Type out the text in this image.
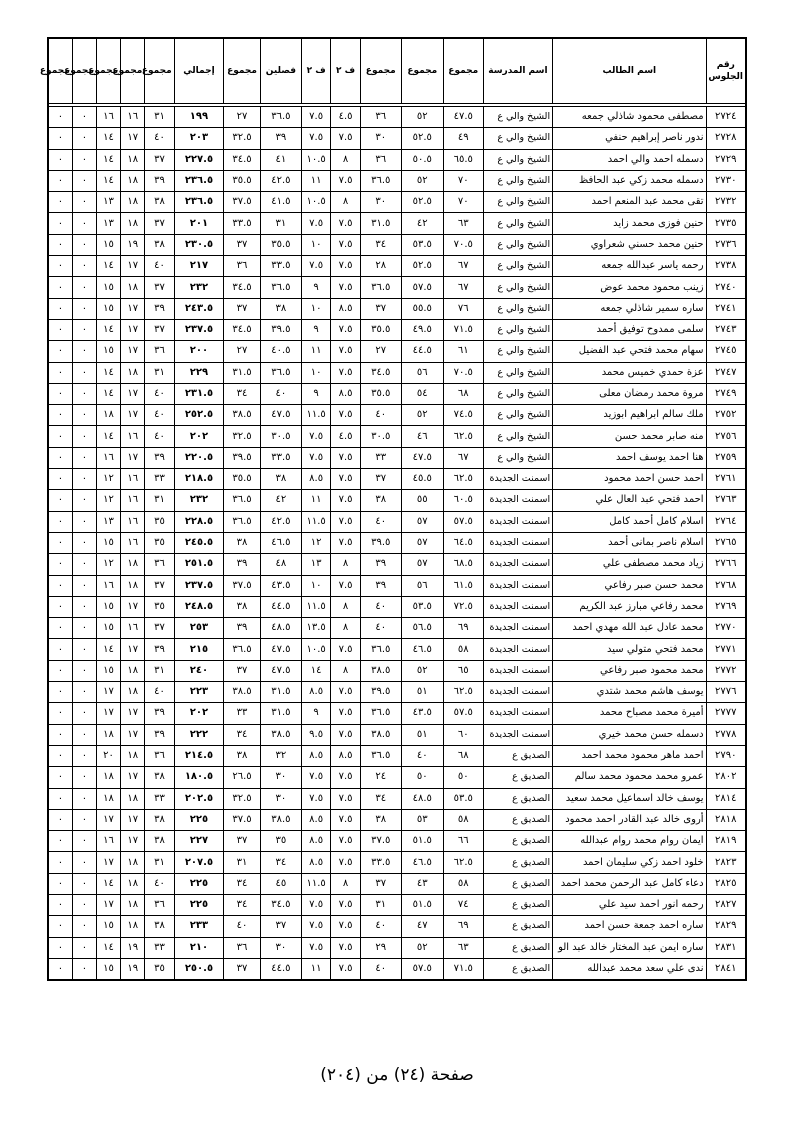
رقم الجلوس	اسم الطالب	اسم المدرسة	مجموع	مجموع	مجموع	ف ٢	ف ٢	فصلين	مجموع	إجمالي	مجموع	مجموع	مجموع	مجموع	مجموع

٢٧٢٤	مصطفى محمود شاذلي جمعه	الشيخ والي ع	٤٧.٥	٥٢	٣٦	٤.٥	٧.٥	٣٦.٥	٢٧	١٩٩	٣١	١٦	١٦	٠	٠
٢٧٢٨	ندور ناصر إبراهيم حنفي	الشيخ والي ع	٤٩	٥٢.٥	٣٠	٧.٥	٧.٥	٣٩	٣٢.٥	٢٠٣	٤٠	١٧	١٤	٠	٠
٢٧٢٩	دسمله احمد والي احمد	الشيخ والي ع	٦٥.٥	٥٠.٥	٣٦	٨	١٠.٥	٤١	٣٤.٥	٢٢٧.٥	٣٧	١٨	١٤	٠	٠
٢٧٣٠	دسمله محمد زكي عبد الحافظ	الشيخ والي ع	٧٠	٥٢	٣٦.٥	٧.٥	١١	٤٢.٥	٣٥.٥	٢٣٦.٥	٣٩	١٨	١٤	٠	٠
٢٧٣٢	تقى محمد عبد المنعم احمد	الشيخ والي ع	٧٠	٥٢.٥	٣٠	٨	١٠.٥	٤١.٥	٣٧.٥	٢٣٦.٥	٣٨	١٨	١٣	٠	٠
٢٧٣٥	حنين فوزى محمد زايد	الشيخ والي ع	٦٣	٤٢	٣١.٥	٧.٥	٧.٥	٣١	٣٣.٥	٢٠١	٣٧	١٨	١٣	٠	٠
٢٧٣٦	حنين محمد حسني شعراوي	الشيخ والي ع	٧٠.٥	٥٣.٥	٣٤	٧.٥	١٠	٣٥.٥	٣٧	٢٣٠.٥	٣٨	١٩	١٥	٠	٠
٢٧٣٨	رحمه ياسر عبدالله جمعه	الشيخ والي ع	٦٧	٥٢.٥	٢٨	٧.٥	٧.٥	٣٣.٥	٣٦	٢١٧	٤٠	١٧	١٤	٠	٠
٢٧٤٠	زينب محمود محمد عوض	الشيخ والي ع	٦٧	٥٧.٥	٣٦.٥	٧.٥	٩	٣٦.٥	٣٤.٥	٢٣٢	٣٧	١٨	١٥	٠	٠
٢٧٤١	ساره سمير شاذلي جمعه	الشيخ والي ع	٧٦	٥٥.٥	٣٧	٨.٥	١٠	٣٨	٣٧	٢٤٣.٥	٣٩	١٧	١٥	٠	٠
٢٧٤٣	سلمى ممدوح توفيق أحمد	الشيخ والي ع	٧١.٥	٤٩.٥	٣٥.٥	٧.٥	٩	٣٩.٥	٣٤.٥	٢٣٧.٥	٣٧	١٧	١٤	٠	٠
٢٧٤٥	سهام محمد فتحي عبد الفضيل	الشيخ والي ع	٦١	٤٤.٥	٢٧	٧.٥	١١	٤٠.٥	٢٧	٢٠٠	٣٦	١٧	١٥	٠	٠
٢٧٤٧	عزة حمدي خميس محمد	الشيخ والي ع	٧٠.٥	٥٦	٣٤.٥	٧.٥	١٠	٣٦.٥	٣١.٥	٢٢٩	٣١	١٨	١٤	٠	٠
٢٧٤٩	مروة محمد رمضان معلى	الشيخ والي ع	٦٨	٥٤	٣٥.٥	٨.٥	٩	٤٠	٣٤	٢٣١.٥	٤٠	١٧	١٤	٠	٠
٢٧٥٢	ملك سالم ابراهيم ابوزيد	الشيخ والي ع	٧٤.٥	٥٢	٤٠	٧.٥	١١.٥	٤٧.٥	٣٨.٥	٢٥٢.٥	٤٠	١٧	١٨	٠	٠
٢٧٥٦	منه صابر محمد حسن	الشيخ والي ع	٦٢.٥	٤٦	٣٠.٥	٤.٥	٧.٥	٣٠.٥	٣٢.٥	٢٠٢	٤٠	١٦	١٤	٠	٠
٢٧٥٩	هنا احمد يوسف احمد	الشيخ والي ع	٦٧	٤٧.٥	٣٣	٧.٥	٧.٥	٣٣.٥	٣٩.٥	٢٢٠.٥	٣٩	١٧	١٦	٠	٠
٢٧٦١	احمد حسن احمد محمود	اسمنت الجديدة	٦٢.٥	٤٥.٥	٣٧	٧.٥	٨.٥	٣٨	٣٥.٥	٢١٨.٥	٣٣	١٦	١٢	٠	٠
٢٧٦٣	احمد فتحي عبد العال علي	اسمنت الجديدة	٦٠.٥	٥٥	٣٨	٧.٥	١١	٤٢	٣٦.٥	٢٣٢	٣١	١٦	١٢	٠	٠
٢٧٦٤	اسلام كامل أحمد كامل	اسمنت الجديدة	٥٧.٥	٥٧	٤٠	٧.٥	١١.٥	٤٢.٥	٣٦.٥	٢٢٨.٥	٣٥	١٦	١٣	٠	٠
٢٧٦٥	اسلام ناصر بمانى أحمد	اسمنت الجديدة	٦٤.٥	٥٧	٣٩.٥	٧.٥	١٢	٤٦.٥	٣٨	٢٤٥.٥	٣٥	١٦	١٥	٠	٠
٢٧٦٦	زياد محمد مصطفى علي	اسمنت الجديدة	٦٨.٥	٥٧	٣٩	٨	١٣	٤٨	٣٩	٢٥١.٥	٣٦	١٨	١٢	٠	٠
٢٧٦٨	محمد حسن صبر رفاعي	اسمنت الجديدة	٦١.٥	٥٦	٣٩	٧.٥	١٠	٤٣.٥	٣٧.٥	٢٣٧.٥	٣٧	١٨	١٦	٠	٠
٢٧٦٩	محمد رفاعي مبارز عبد الكريم	اسمنت الجديدة	٧٢.٥	٥٣.٥	٤٠	٨	١١.٥	٤٤.٥	٣٨	٢٤٨.٥	٣٥	١٧	١٥	٠	٠
٢٧٧٠	محمد عادل عبد الله مهدي احمد	اسمنت الجديدة	٦٩	٥٦.٥	٤٠	٨	١٣.٥	٤٨.٥	٣٩	٢٥٣	٣٧	١٦	١٥	٠	٠
٢٧٧١	محمد فتحي متولي سيد	اسمنت الجديدة	٥٨	٤٦.٥	٣٦.٥	٧.٥	١٠.٥	٤٧.٥	٣٦.٥	٢١٥	٣٩	١٧	١٤	٠	٠
٢٧٧٢	محمد محمود صبر رفاعي	اسمنت الجديدة	٦٥	٥٢	٣٨.٥	٨	١٤	٤٧.٥	٣٧	٢٤٠	٣١	١٨	١٥	٠	٠
٢٧٧٦	يوسف هاشم محمد شتدي	اسمنت الجديدة	٦٢.٥	٥١	٣٩.٥	٧.٥	٨.٥	٣١.٥	٣٨.٥	٢٢٣	٤٠	١٨	١٧	٠	٠
٢٧٧٧	أميرة محمد مصباح محمد	اسمنت الجديدة	٥٧.٥	٤٣.٥	٣٦.٥	٧.٥	٩	٣١.٥	٣٣	٢٠٢	٣٩	١٧	١٧	٠	٠
٢٧٧٨	دسمله حسن محمد خيري	اسمنت الجديدة	٦٠	٥١	٣٨.٥	٧.٥	٩.٥	٣٨.٥	٣٤	٢٢٢	٣٩	١٧	١٨	٠	٠
٢٧٩٠	احمد ماهر محمود محمد احمد	الصديق ع	٦٨	٤٠	٣٦.٥	٨.٥	٨.٥	٣٢	٣٨	٢١٤.٥	٣٦	١٨	٢٠	٠	٠
٢٨٠٢	عمرو محمد محمود محمد سالم	الصديق ع	٥٠	٥٠	٢٤	٧.٥	٧.٥	٣٠	٢٦.٥	١٨٠.٥	٣٨	١٧	١٨	٠	٠
٢٨١٤	يوسف خالد اسماعيل محمد سعيد	الصديق ع	٥٣.٥	٤٨.٥	٣٤	٧.٥	٧.٥	٣٠	٣٢.٥	٢٠٢.٥	٣٣	١٨	١٨	٠	٠
٢٨١٨	أروى خالد عبد القادر احمد محمود	الصديق ع	٥٨	٥٣	٣٨	٧.٥	٨.٥	٣٨.٥	٣٧.٥	٢٢٥	٣٨	١٧	١٧	٠	٠
٢٨١٩	ايمان روام محمد روام عبدالله	الصديق ع	٦٦	٥١.٥	٣٧.٥	٧.٥	٨.٥	٣٥	٣٧	٢٢٧	٣٨	١٧	١٦	٠	٠
٢٨٢٣	خلود احمد زكي سليمان احمد	الصديق ع	٦٢.٥	٤٦.٥	٣٣.٥	٧.٥	٨.٥	٣٤	٣١	٢٠٧.٥	٣١	١٨	١٧	٠	٠
٢٨٢٥	دعاء كامل عبد الرحمن محمد احمد	الصديق ع	٥٨	٤٣	٣٧	٨	١١.٥	٤٥	٣٤	٢٢٥	٤٠	١٨	١٤	٠	٠
٢٨٢٧	رحمه انور احمد سيد علي	الصديق ع	٧٤	٥١.٥	٣١	٧.٥	٧.٥	٣٤.٥	٣٤	٢٢٥	٣٦	١٨	١٧	٠	٠
٢٨٢٩	ساره احمد جمعة حسن احمد	الصديق ع	٦٩	٤٧	٤٠	٧.٥	٧.٥	٣٧	٤٠	٢٣٣	٣٨	١٨	١٥	٠	٠
٢٨٣١	ساره ايمن عبد المختار خالد عبد الو	الصديق ع	٦٣	٥٢	٢٩	٧.٥	٧.٥	٣٠	٣٦	٢١٠	٣٣	١٩	١٤	٠	٠
٢٨٤١	ندى علي سعد محمد عبدالله	الصديق ع	٧١.٥	٥٧.٥	٤٠	٧.٥	١١	٤٤.٥	٣٧	٢٥٠.٥	٣٥	١٩	١٥	٠	٠
صفحة (٢٤) من (٢٠٤)
